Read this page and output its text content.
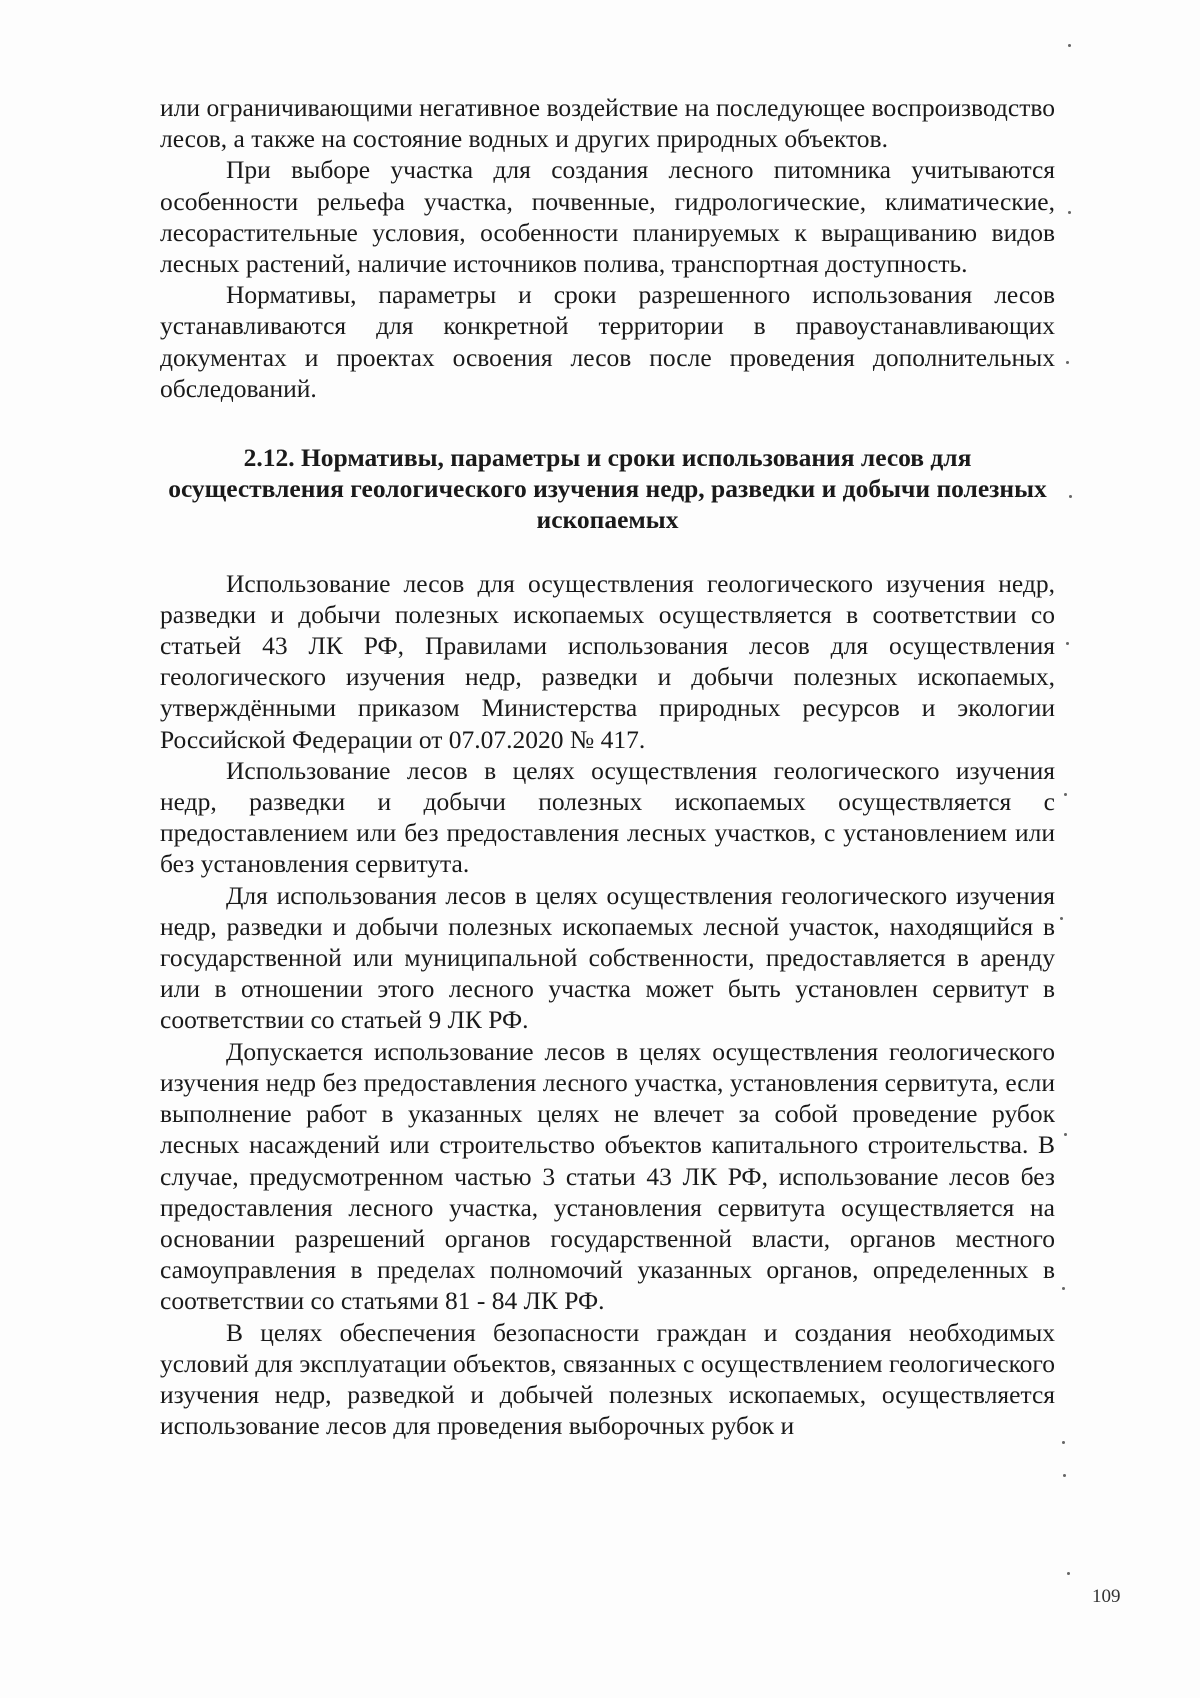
или ограничивающими негативное воздействие на последующее воспроизводство лесов, а также на состояние водных и других природных объектов.

При выборе участка для создания лесного питомника учитываются особенности рельефа участка, почвенные, гидрологические, климатические, лесорастительные условия, особенности планируемых к выращиванию видов лесных растений, наличие источников полива, транспортная доступность.

Нормативы, параметры и сроки разрешенного использования лесов устанавливаются для конкретной территории в правоустанавливающих документах и проектах освоения лесов после проведения дополнительных обследований.

2.12. Нормативы, параметры и сроки использования лесов для осуществления геологического изучения недр, разведки и добычи полезных ископаемых

Использование лесов для осуществления геологического изучения недр, разведки и добычи полезных ископаемых осуществляется в соответствии со статьей 43 ЛК РФ, Правилами использования лесов для осуществления геологического изучения недр, разведки и добычи полезных ископаемых, утверждёнными приказом Министерства природных ресурсов и экологии Российской Федерации от 07.07.2020 № 417.

Использование лесов в целях осуществления геологического изучения недр, разведки и добычи полезных ископаемых осуществляется с предоставлением или без предоставления лесных участков, с установлением или без установления сервитута.

Для использования лесов в целях осуществления геологического изучения недр, разведки и добычи полезных ископаемых лесной участок, находящийся в государственной или муниципальной собственности, предоставляется в аренду или в отношении этого лесного участка может быть установлен сервитут в соответствии со статьей 9 ЛК РФ.

Допускается использование лесов в целях осуществления геологического изучения недр без предоставления лесного участка, установления сервитута, если выполнение работ в указанных целях не влечет за собой проведение рубок лесных насаждений или строительство объектов капитального строительства. В случае, предусмотренном частью 3 статьи 43 ЛК РФ, использование лесов без предоставления лесного участка, установления сервитута осуществляется на основании разрешений органов государственной власти, органов местного самоуправления в пределах полномочий указанных органов, определенных в соответствии со статьями 81 - 84 ЛК РФ.

В целях обеспечения безопасности граждан и создания необходимых условий для эксплуатации объектов, связанных с осуществлением геологического изучения недр, разведкой и добычей полезных ископаемых, осуществляется использование лесов для проведения выборочных рубок и

109
